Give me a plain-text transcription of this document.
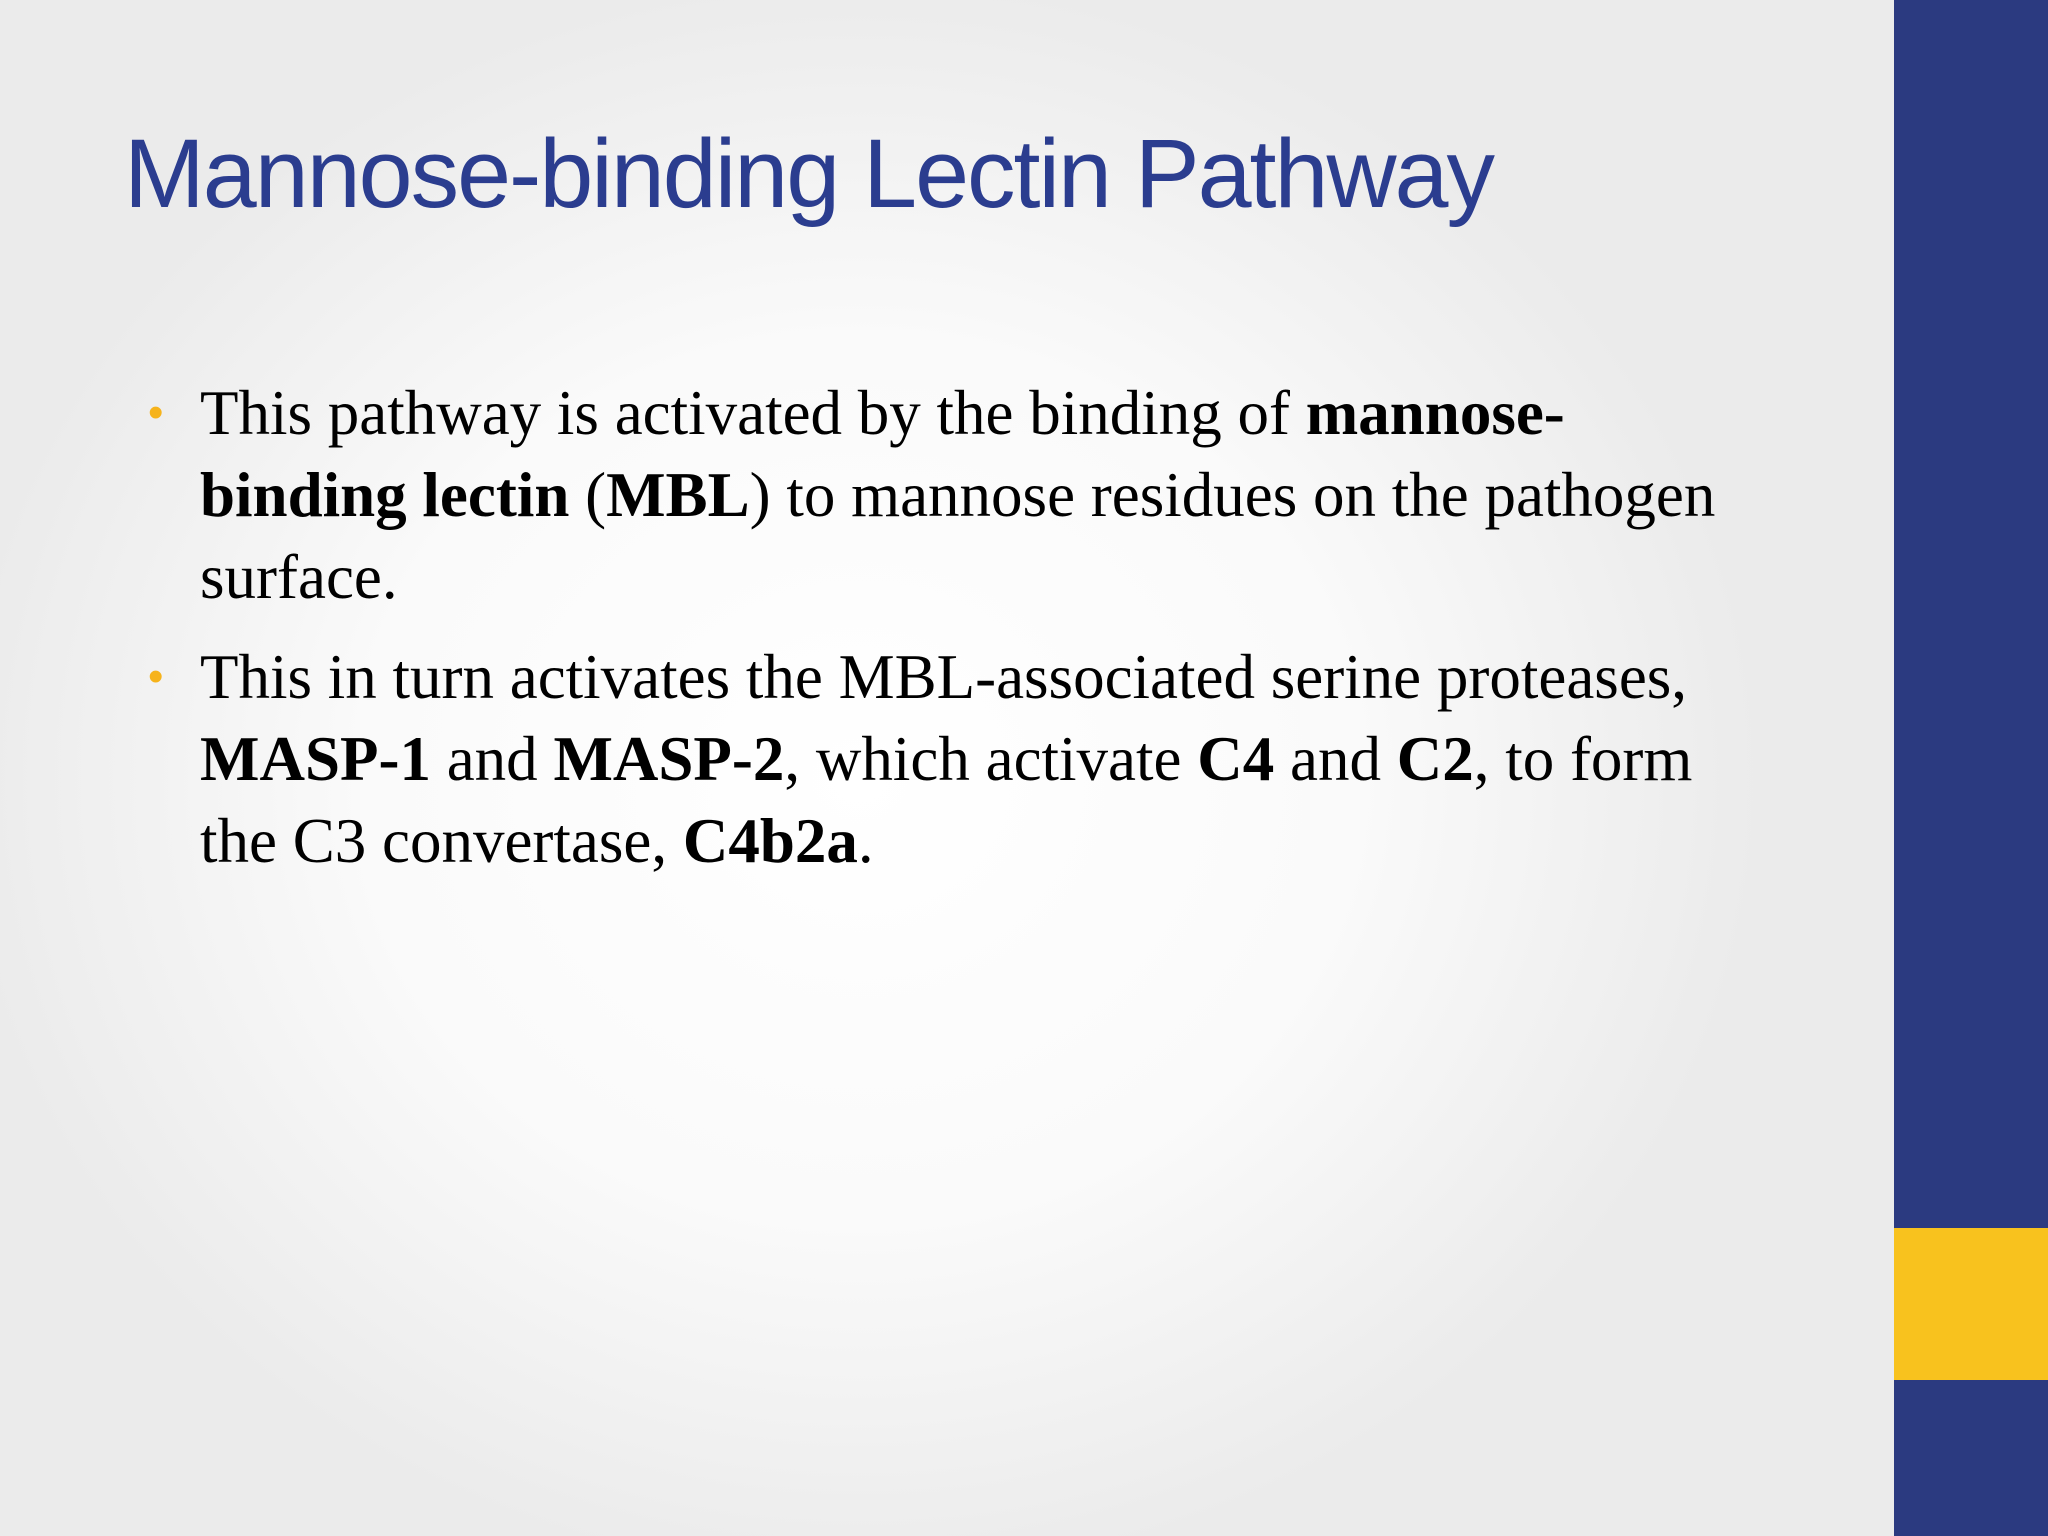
Mannose-binding Lectin Pathway
• This pathway is activated by the binding of mannose-binding lectin (MBL) to mannose residues on the pathogen surface.
• This in turn activates the MBL-associated serine proteases, MASP-1 and MASP-2, which activate C4 and C2, to form the C3 convertase, C4b2a.
